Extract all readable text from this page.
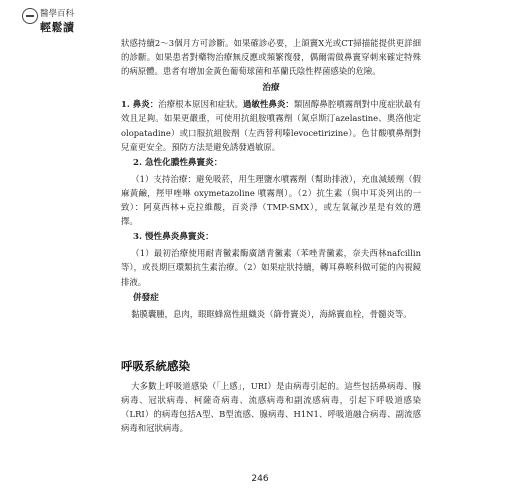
醫學百科
輕鬆讀

狀感持續2～3個月方可診斷。如果確診必要，上頜竇X光或CT掃描能提供更詳細的診斷。如果患者對藥物治療無反應或頻繁復發，偶爾需做鼻竇穿刺來確定特殊的病原體。患者有增加金黃色葡萄球菌和革蘭氏陰性桿菌感染的危險。

治療

1. 鼻炎：治療根本原因和症狀。過敏性鼻炎：類固醇鼻腔噴霧劑對中度症狀最有效且足夠。如果更嚴重，可使用抗組胺噴霧劑（氮卓斯汀azelastine、奧洛他定olopatadine）或口服抗組胺劑（左西替利嗪levocetirizine）。色甘酸噴鼻劑對兒童更安全。預防方法是避免誘發過敏原。

2. 急性化膿性鼻竇炎：

（1）支持治療：避免吸菸，用生理鹽水噴霧劑（幫助排液），充血減緩劑（假麻黃鹼，羥甲唑啉 oxymetazoline 噴霧劑）。（2）抗生素（與中耳炎列出的一致）：阿莫西林+克拉維酸，百炎淨（TMP-SMX），或左氧氟沙星是有效的選擇。

3. 慢性鼻炎鼻竇炎：

（1）最初治療使用耐青黴素酶廣譜青黴素（苯唑青黴素，奈夫西林nafcillin等），或長期巨環類抗生素治療。（2）如果症狀持續，轉耳鼻喉科做可能的內視鏡排液。

併發症

黏膜囊腫，息肉，眼眶蜂窩性組織炎（篩骨竇炎），海綿竇血栓，骨髓炎等。

呼吸系統感染

大多數上呼吸道感染（「上感」，URI）是由病毒引起的。這些包括鼻病毒、腺病毒、冠狀病毒、柯薩奇病毒、流感病毒和副流感病毒，引起下呼吸道感染（LRI）的病毒包括A型、B型流感、腺病毒、H1N1、呼吸道融合病毒、副流感病毒和冠狀病毒。

246
